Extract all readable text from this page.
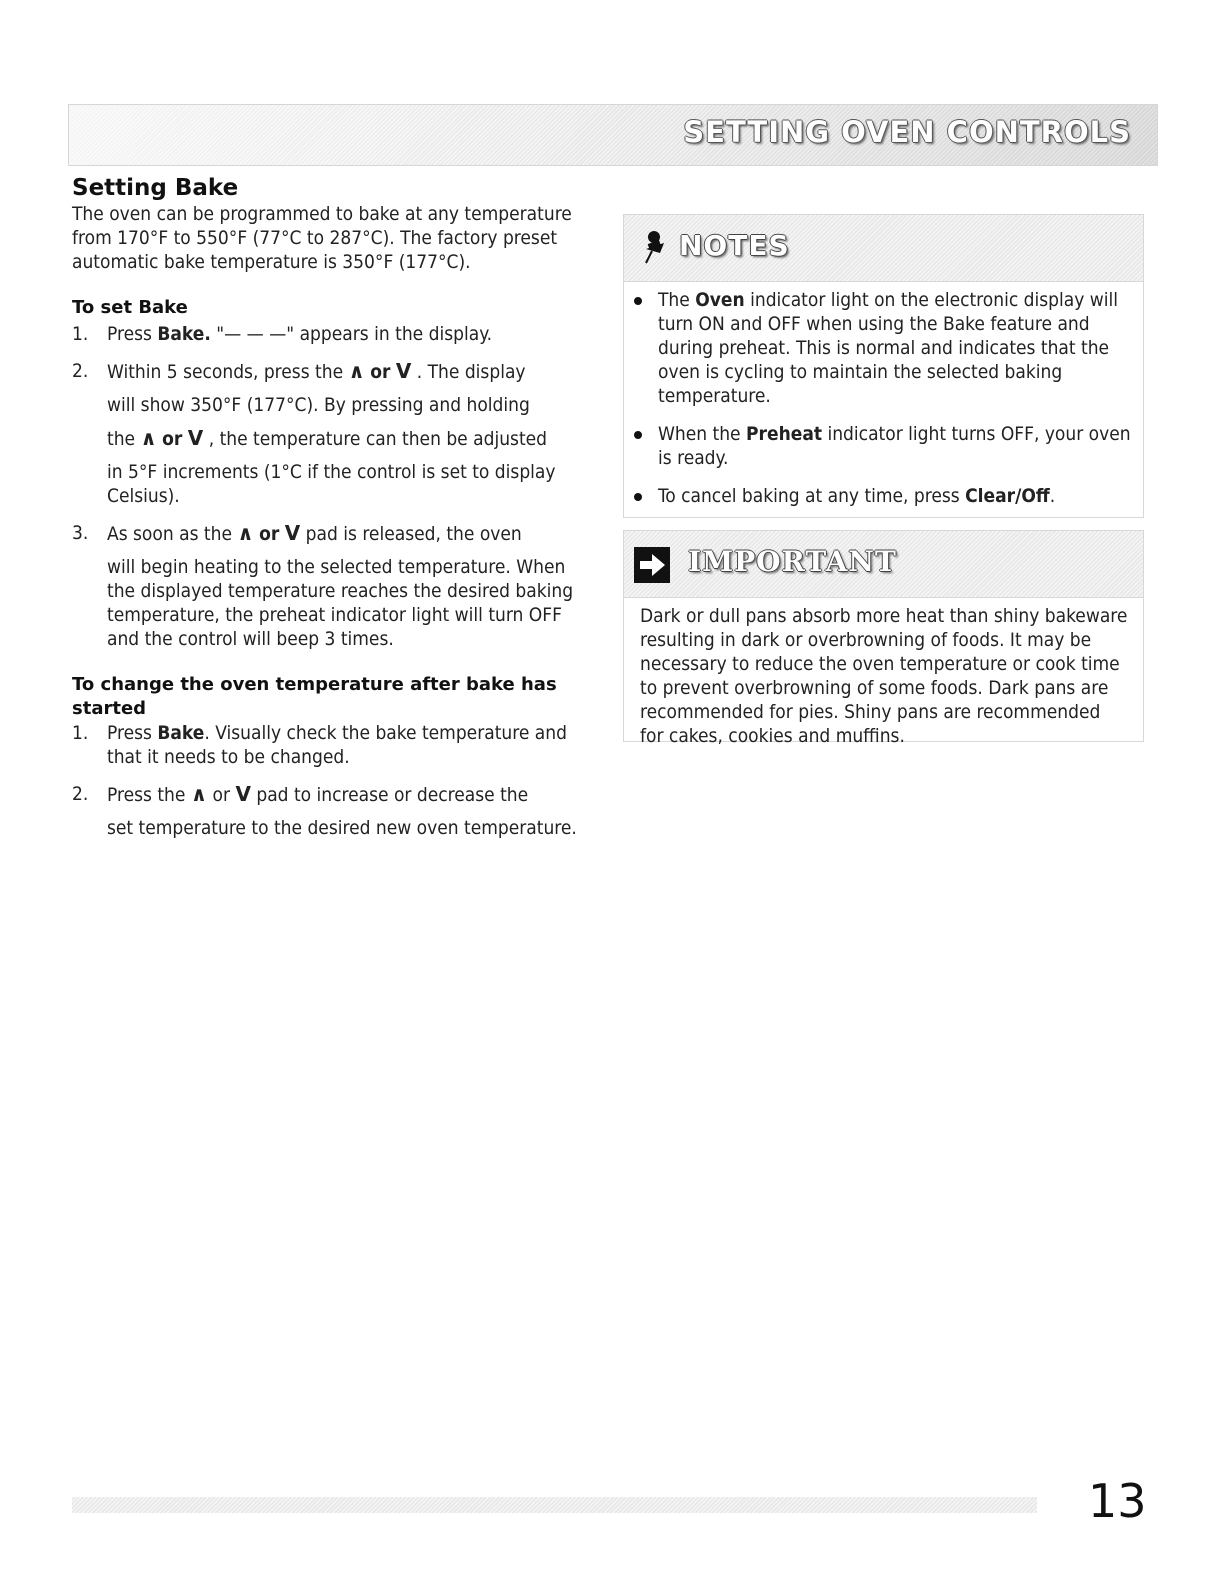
SETTING OVEN CONTROLS
Setting Bake

The oven can be programmed to bake at any temperature

from 170°F to 550°F (77°C to 287°C). The factory preset

automatic bake temperature is 350°F (177°C).

To set Bake
1. Press Bake. "— — —" appears in the display.
2. Within 5 seconds, press the ∧ or V . The display

will show 350°F (177°C). By pressing and holding

the ∧ or V , the temperature can then be adjusted

in 5°F increments (1°C if the control is set to display

Celsius).

3. As soon as the ∧ or V pad is released, the oven

will begin heating to the selected temperature. When

the displayed temperature reaches the desired baking

temperature, the preheat indicator light will turn OFF

and the control will beep 3 times.

To change the oven temperature after bake has
started
1. Press Bake. Visually check the bake temperature and

that it needs to be changed.

2. Press the ∧ or V pad to increase or decrease the

set temperature to the desired new oven temperature.

NOTES

The Oven indicator light on the electronic display will

turn ON and OFF when using the Bake feature and

during preheat. This is normal and indicates that the

oven is cycling to maintain the selected baking

temperature.

When the Preheat indicator light turns OFF, your oven

is ready.

To cancel baking at any time, press Clear/Off.

IMPORTANT

Dark or dull pans absorb more heat than shiny bakeware

resulting in dark or overbrowning of foods. It may be

necessary to reduce the oven temperature or cook time

to prevent overbrowning of some foods. Dark pans are

recommended for pies. Shiny pans are recommended

for cakes, cookies and muffins.

13
